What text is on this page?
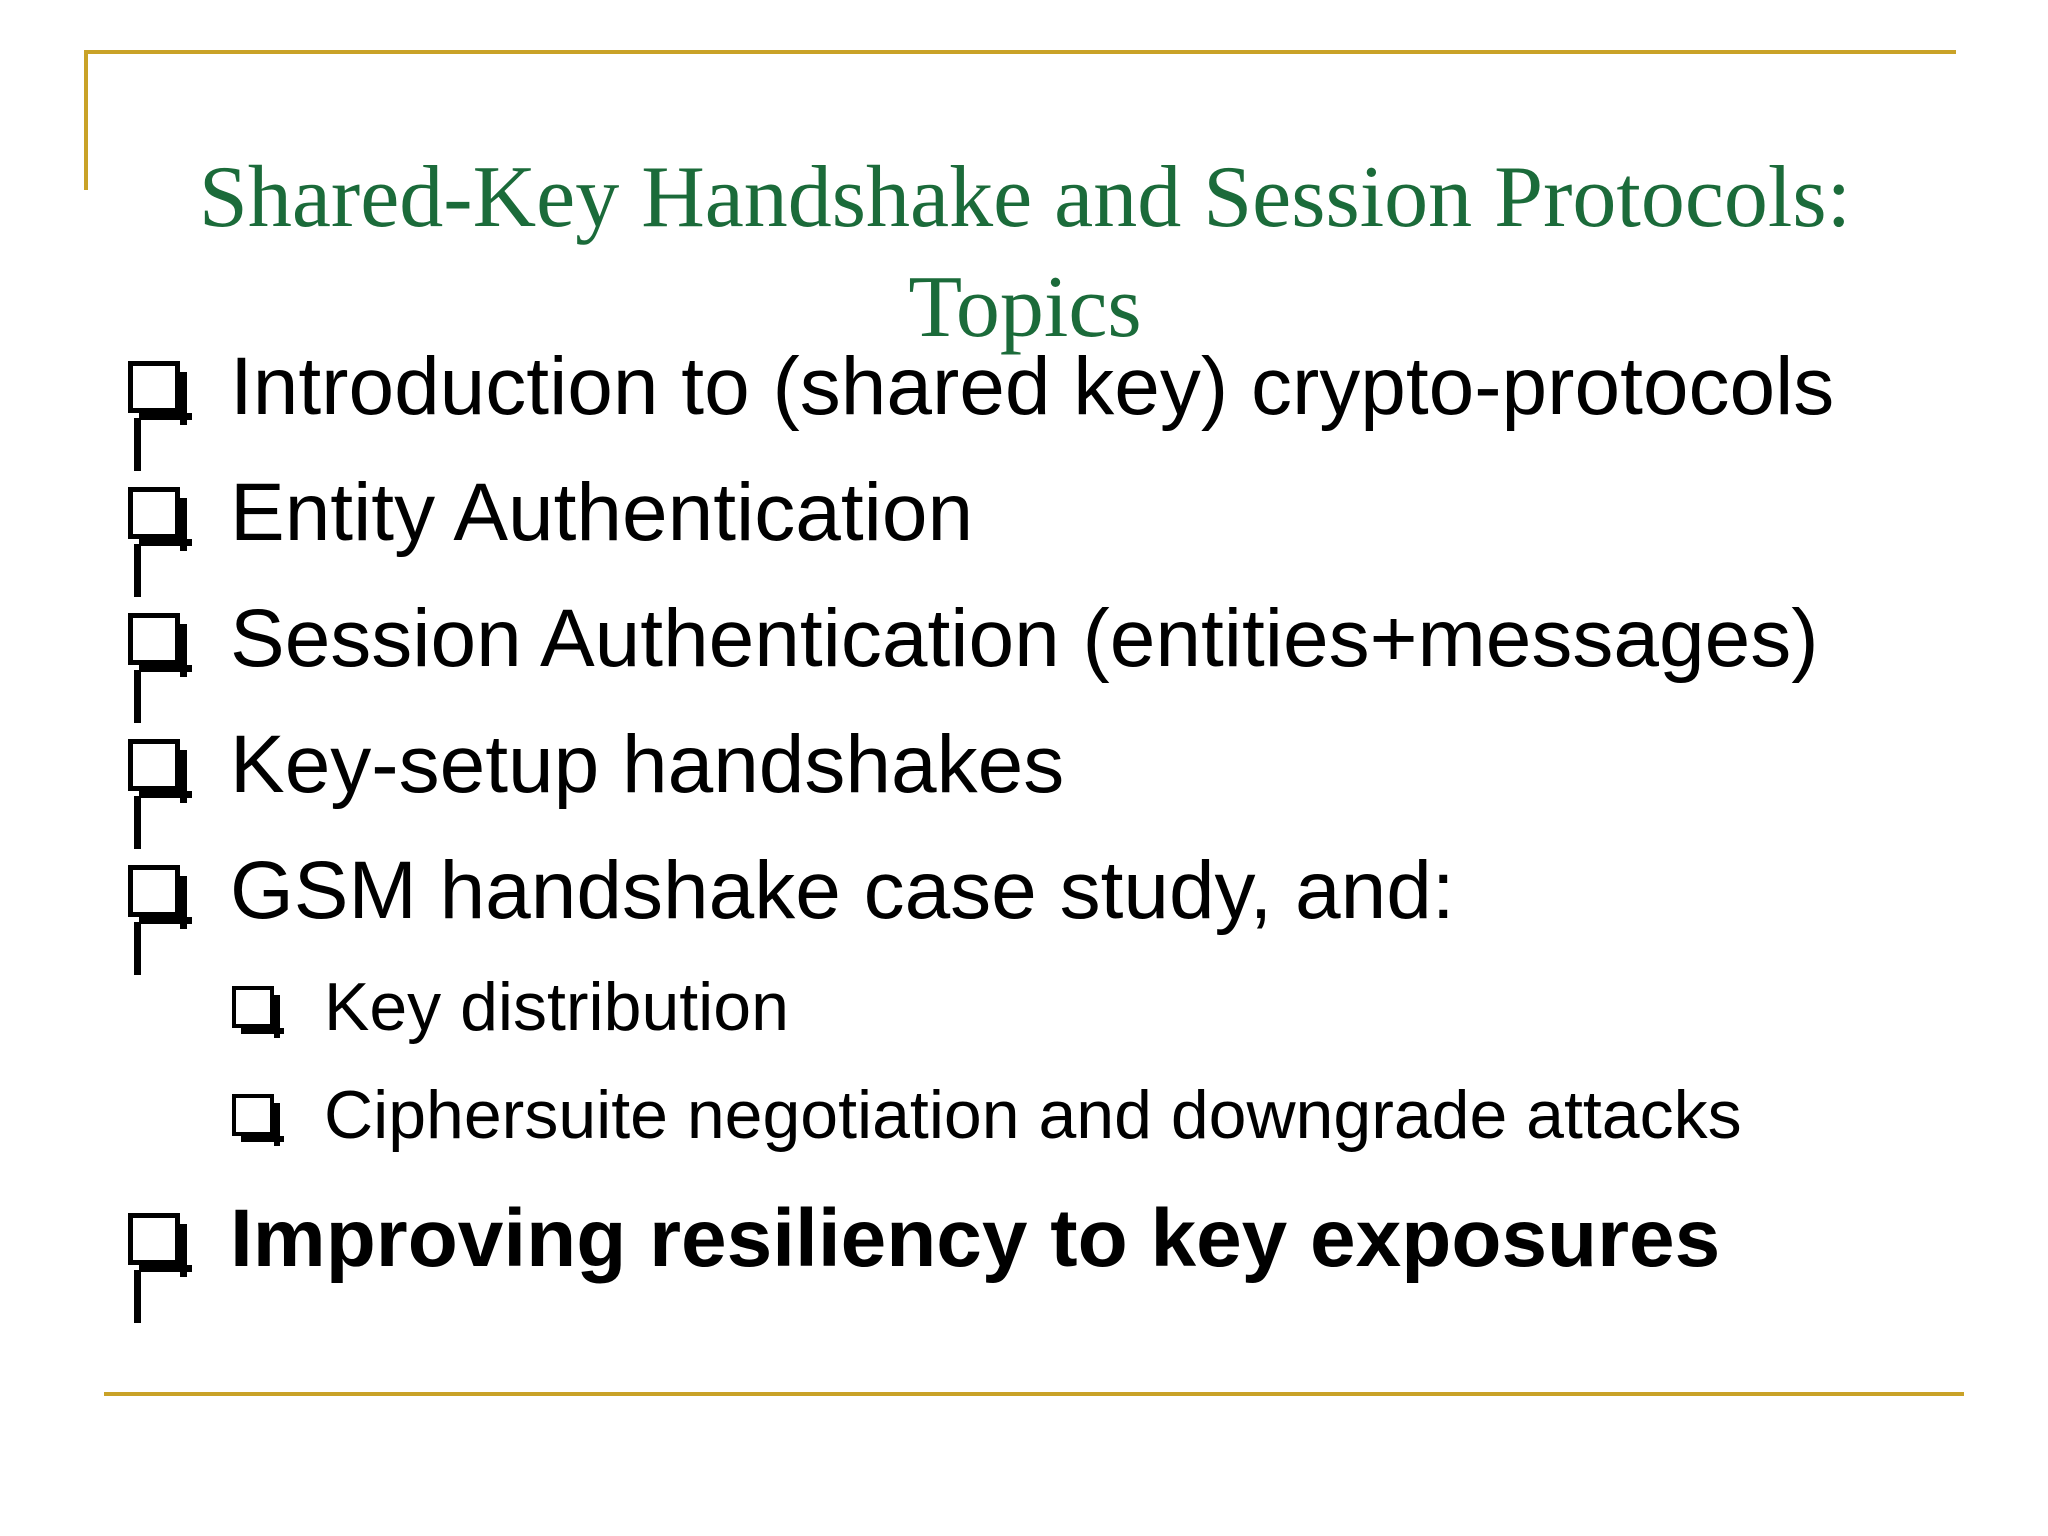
Shared-Key Handshake and Session Protocols:
Topics
Introduction to (shared key) crypto-protocols
Entity Authentication
Session Authentication (entities+messages)
Key-setup handshakes
GSM handshake case study, and:
Key distribution
Ciphersuite negotiation and downgrade attacks
Improving resiliency to key exposures
